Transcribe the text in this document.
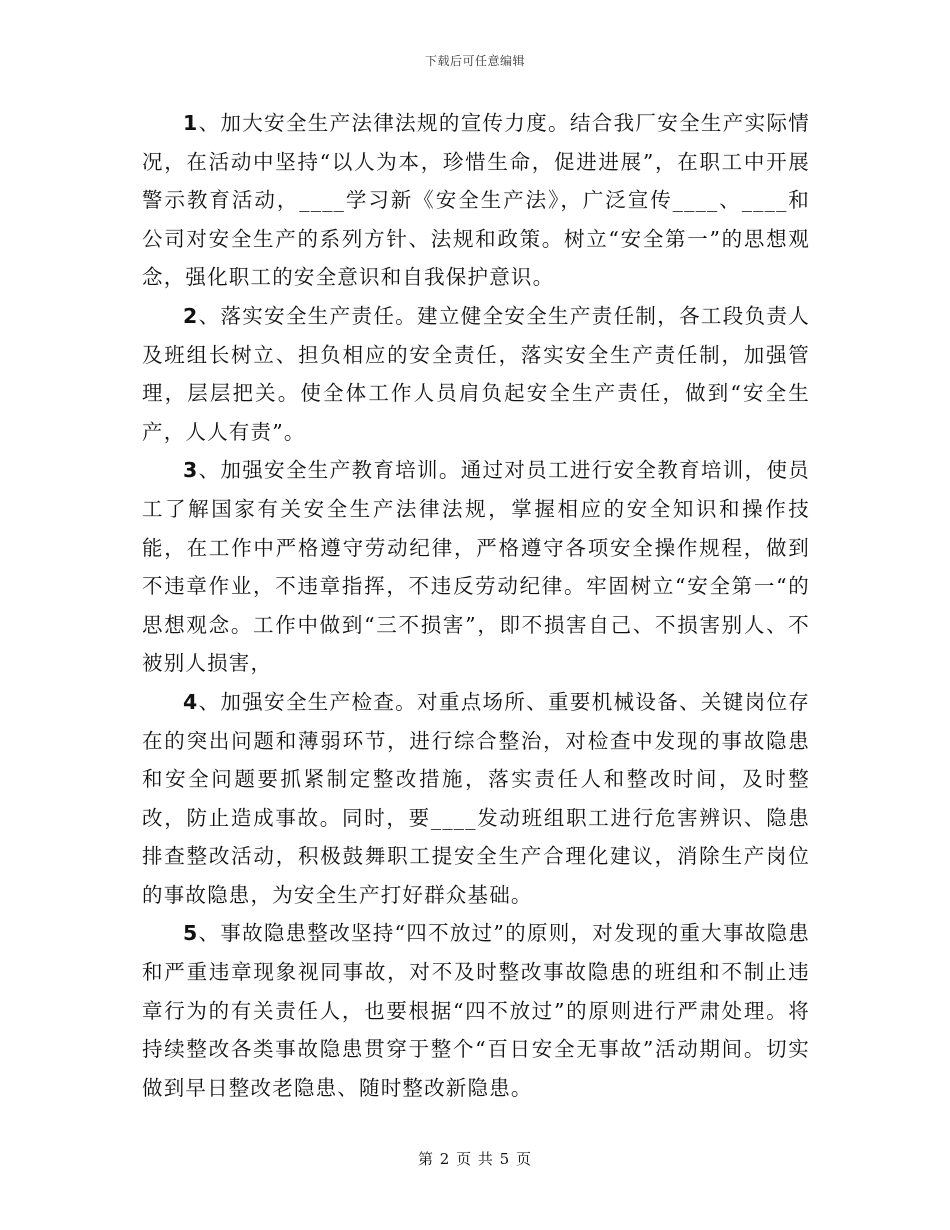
下载后可任意编辑

1、加大安全生产法律法规的宣传力度。结合我厂安全生产实际情况，在活动中坚持“以人为本，珍惜生命，促进进展”，在职工中开展警示教育活动，____学习新《安全生产法》，广泛宣传____、____和公司对安全生产的系列方针、法规和政策。树立“安全第一”的思想观念，强化职工的安全意识和自我保护意识。

2、落实安全生产责任。建立健全安全生产责任制，各工段负责人及班组长树立、担负相应的安全责任，落实安全生产责任制，加强管理，层层把关。使全体工作人员肩负起安全生产责任，做到“安全生产，人人有责”。

3、加强安全生产教育培训。通过对员工进行安全教育培训，使员工了解国家有关安全生产法律法规，掌握相应的安全知识和操作技能，在工作中严格遵守劳动纪律，严格遵守各项安全操作规程，做到不违章作业，不违章指挥，不违反劳动纪律。牢固树立“安全第一“的思想观念。工作中做到“三不损害”，即不损害自己、不损害别人、不被别人损害，

4、加强安全生产检查。对重点场所、重要机械设备、关键岗位存在的突出问题和薄弱环节，进行综合整治，对检查中发现的事故隐患和安全问题要抓紧制定整改措施，落实责任人和整改时间，及时整改，防止造成事故。同时，要____发动班组职工进行危害辨识、隐患排查整改活动，积极鼓舞职工提安全生产合理化建议，消除生产岗位的事故隐患，为安全生产打好群众基础。

5、事故隐患整改坚持“四不放过”的原则，对发现的重大事故隐患和严重违章现象视同事故，对不及时整改事故隐患的班组和不制止违章行为的有关责任人，也要根据“四不放过”的原则进行严肃处理。将持续整改各类事故隐患贯穿于整个“百日安全无事故”活动期间。切实做到早日整改老隐患、随时整改新隐患。

第 2 页 共 5 页
